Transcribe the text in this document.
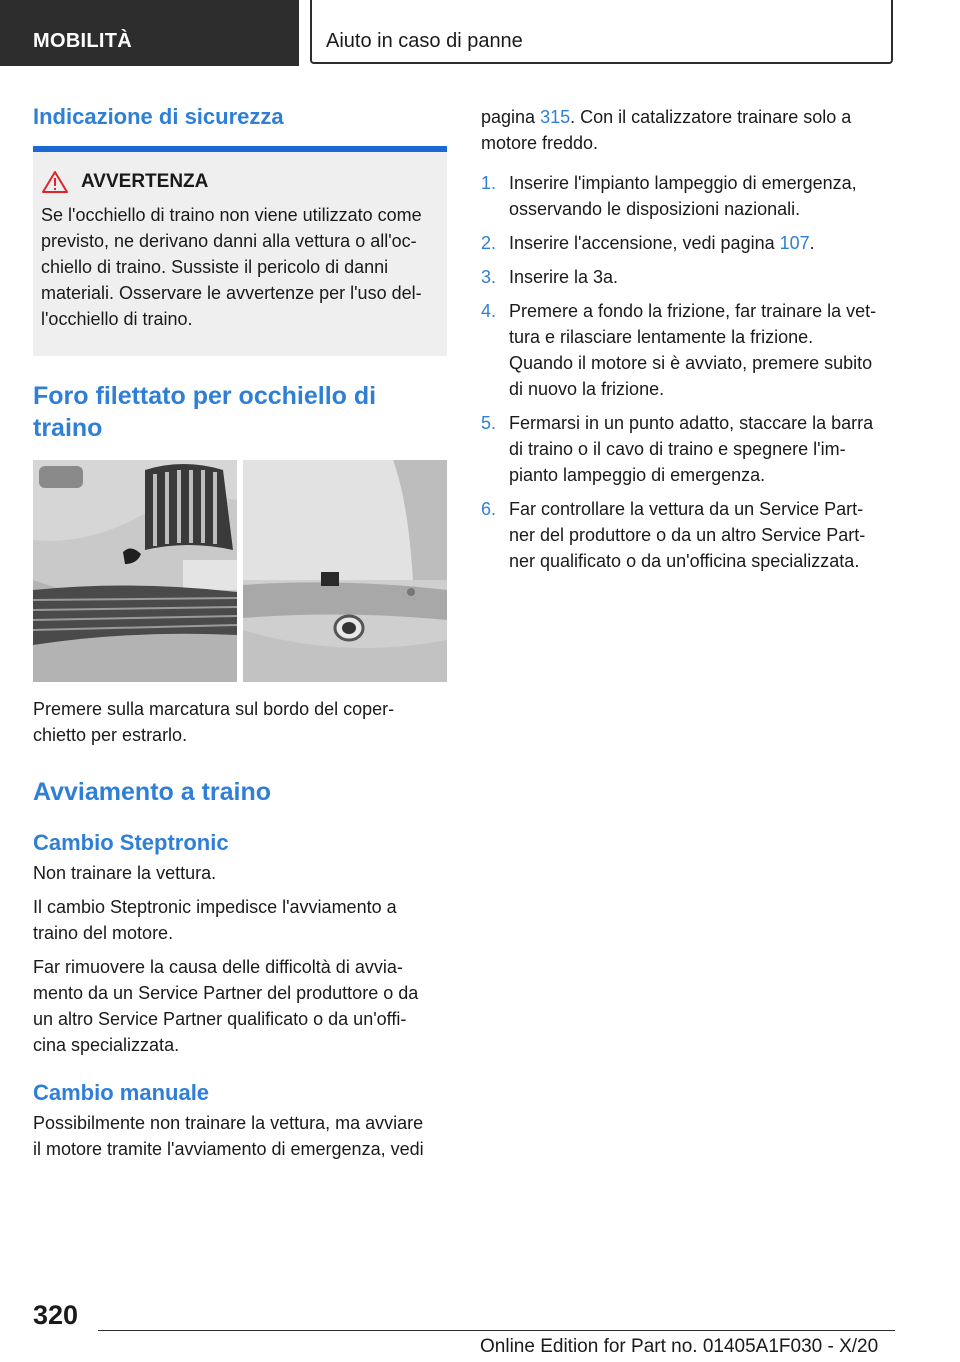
MOBILITÀ	Aiuto in caso di panne
Indicazione di sicurezza
AVVERTENZA

Se l'occhiello di traino non viene utilizzato come

previsto, ne derivano danni alla vettura o all'oc-

chiello di traino. Sussiste il pericolo di danni

materiali. Osservare le avvertenze per l'uso del-

l'occhiello di traino.

Foro filettato per occhiello di
traino

Premere sulla marcatura sul bordo del coper-

chietto per estrarlo.

Avviamento a traino
Cambio Steptronic

Non trainare la vettura.

Il cambio Steptronic impedisce l'avviamento a

traino del motore.

Far rimuovere la causa delle difficoltà di avvia-

mento da un Service Partner del produttore o da

un altro Service Partner qualificato o da un'offi-

cina specializzata.

Cambio manuale

Possibilmente non trainare la vettura, ma avviare

il motore tramite l'avviamento di emergenza, vedi

pagina 315. Con il catalizzatore trainare solo a

motore freddo.

1. Inserire l'impianto lampeggio di emergenza,
osservando le disposizioni nazionali.
2. Inserire l'accensione, vedi pagina 107.
3. Inserire la 3a.
4. Premere a fondo la frizione, far trainare la vet-
tura e rilasciare lentamente la frizione.
Quando il motore si è avviato, premere subito
di nuovo la frizione.
5. Fermarsi in un punto adatto, staccare la barra
di traino o il cavo di traino e spegnere l'im-
pianto lampeggio di emergenza.
6. Far controllare la vettura da un Service Part-
ner del produttore o da un altro Service Part-
ner qualificato o da un'officina specializzata.
320
Online Edition for Part no. 01405A1F030 - X/20
